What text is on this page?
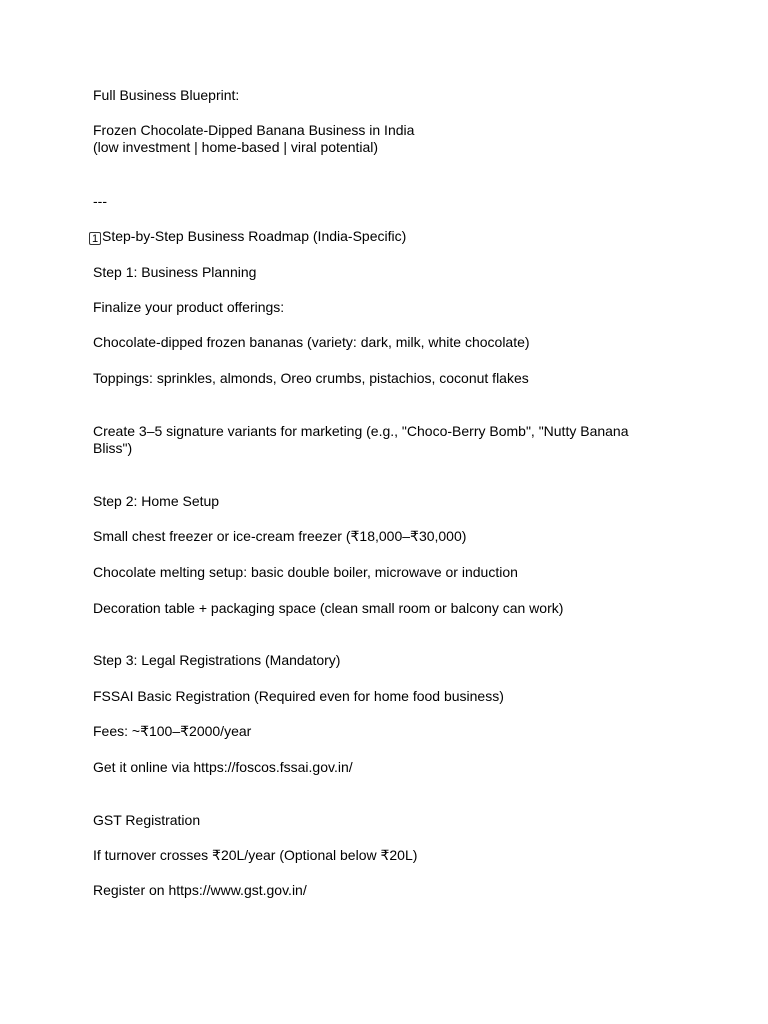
Full Business Blueprint:
Frozen Chocolate-Dipped Banana Business in India
(low investment | home-based | viral potential)
---
1 Step-by-Step Business Roadmap (India-Specific)
Step 1: Business Planning
Finalize your product offerings:
Chocolate-dipped frozen bananas (variety: dark, milk, white chocolate)
Toppings: sprinkles, almonds, Oreo crumbs, pistachios, coconut flakes
Create 3–5 signature variants for marketing (e.g., "Choco-Berry Bomb", "Nutty Banana Bliss")
Step 2: Home Setup
Small chest freezer or ice-cream freezer (₹18,000–₹30,000)
Chocolate melting setup: basic double boiler, microwave or induction
Decoration table + packaging space (clean small room or balcony can work)
Step 3: Legal Registrations (Mandatory)
FSSAI Basic Registration (Required even for home food business)
Fees: ~₹100–₹2000/year
Get it online via https://foscos.fssai.gov.in/
GST Registration
If turnover crosses ₹20L/year (Optional below ₹20L)
Register on https://www.gst.gov.in/
